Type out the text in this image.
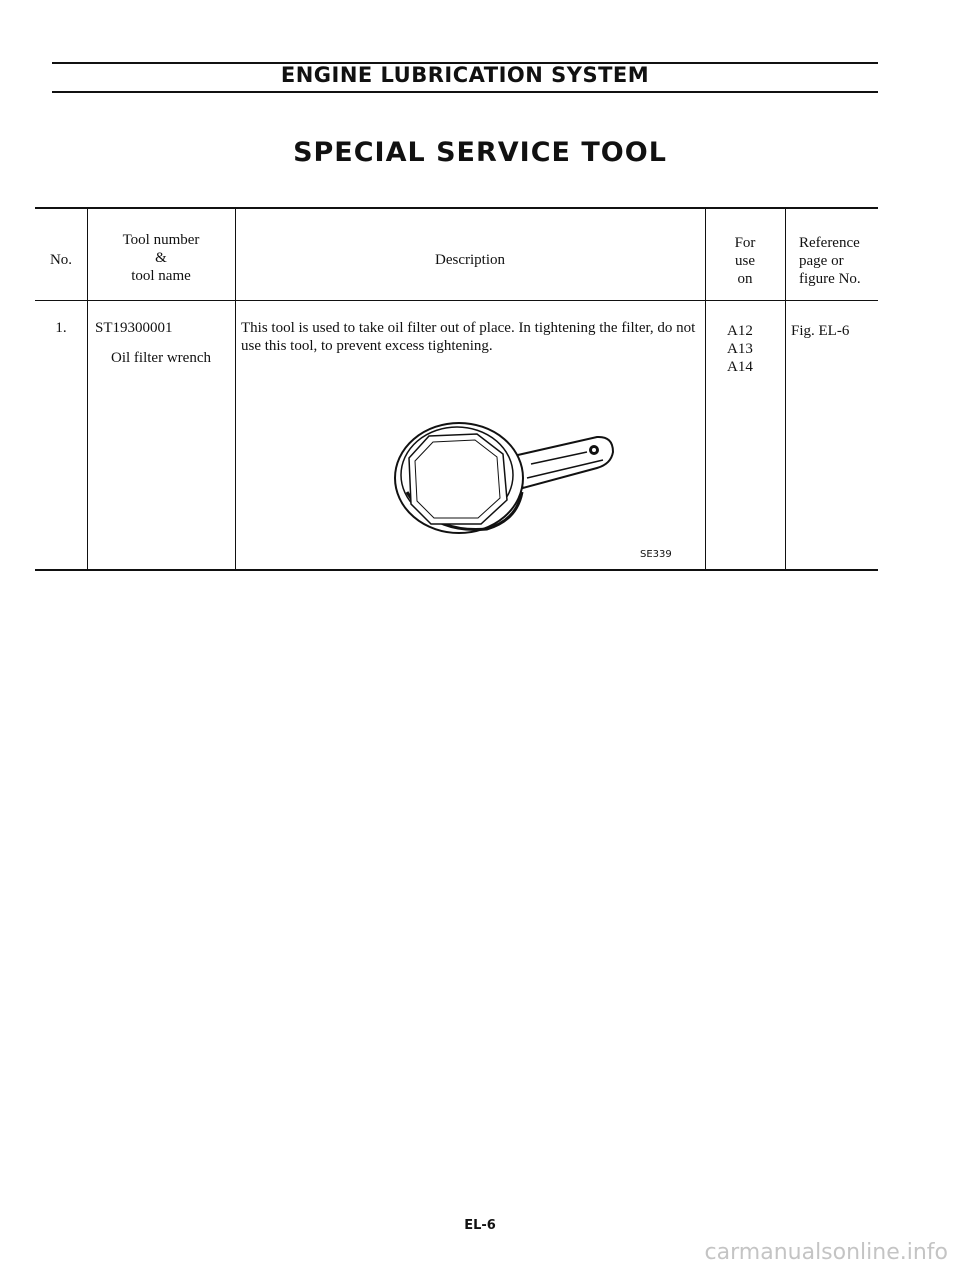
ENGINE LUBRICATION SYSTEM
SPECIAL SERVICE TOOL
No.
Tool number
&
tool name
Description
For
use
on
Reference
page or
figure No.
1.	ST19300001
Oil filter wrench
This tool is used to take oil filter out of place. In tightening the filter, do not use this tool, to prevent excess tightening.
A12
A13
A14
Fig. EL-6
SE339
EL-6
carmanualsonline.info
